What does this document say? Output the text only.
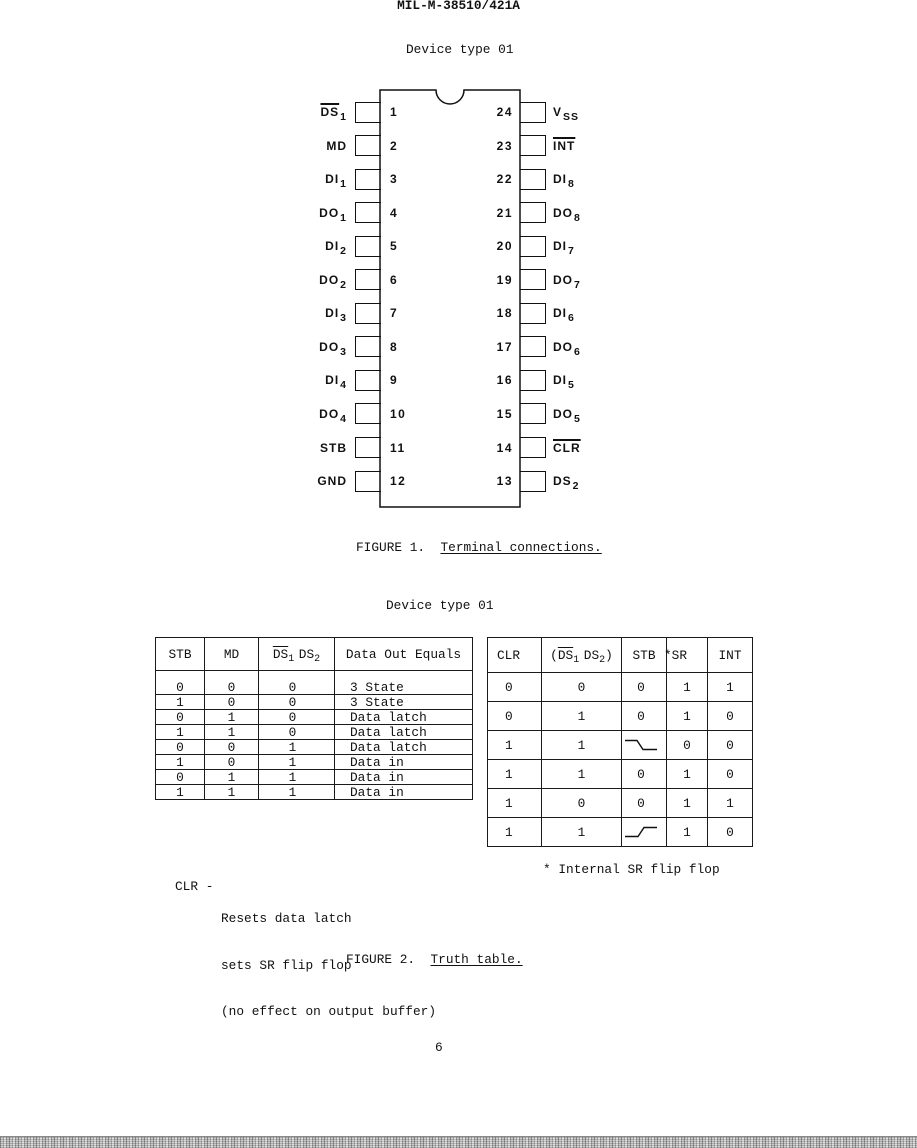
MIL-M-38510/421A
Device type 01
1
$\overline{DS}1$
2
MD
3
DI1
4
DO1
5
DI2
6
DO2
7
DI3
8
DO3
9
DI4
10
DO4
11
STB
12
GND
24	VSS
23	$\overline{INT}$
22	DI8
21	DO8
20	DI7
19	DO7
18	DI6
17	DO6
16	DI5
15	DO5
14	$\overline{CLR}$
13	DS2
FIGURE 1. Terminal connections.
Device type 01
STB	MD	$\overline{DS}_1$ $DS_2$	Data Out Equals
0	0	0	3 State
1	0	0	3 State
0	1	0	Data latch
1	1	0	Data latch
0	0	1	Data latch
1	0	1	Data in
0	1	1	Data in
1	1	1	Data in
CLR	($\overline{DS}_1$ $DS_2$)	STB	*SR	INT
0	0	0	1	1
0	1	0	1	0
1	1		0	0
1	1	0	1	0
1	0	0	1	1
1	1		1	0
* Internal SR flip flop

CLR -

Resets data latch

sets SR flip flop

(no effect on output buffer)

FIGURE 2. Truth table.
6
